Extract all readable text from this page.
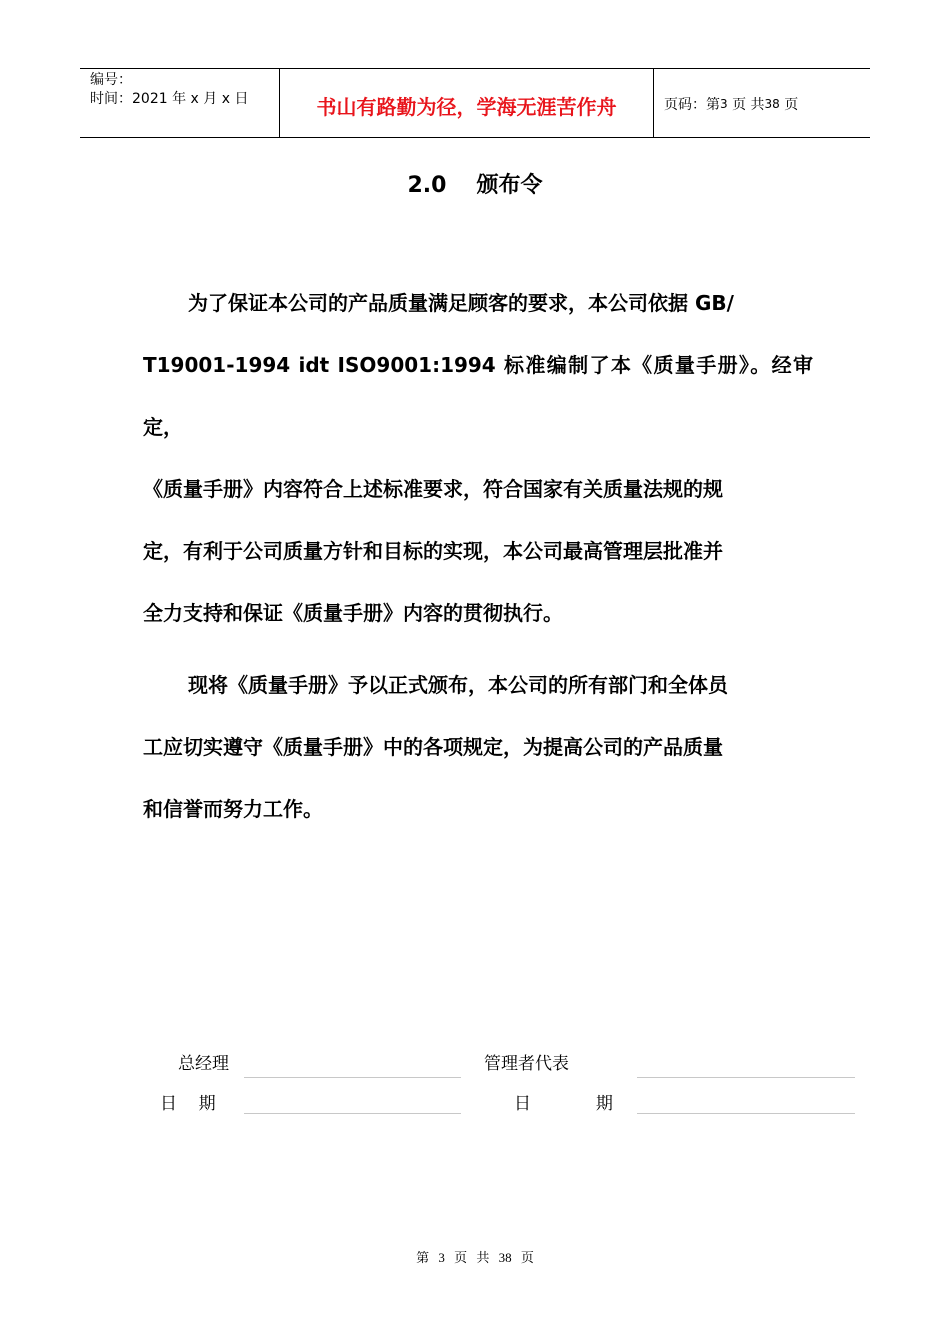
编号：
时间：2021 年 x 月 x 日	书山有路勤为径，学海无涯苦作舟	页码：第 3
页 共 38
页
2.0 颁布令
为了保证本公司的产品质量满足顾客的要求，本公司依据 GB/
T19001-1994 idt ISO9001:1994 标准编制了本《质量手册》。经审定，
《质量手册》内容符合上述标准要求，符合国家有关质量法规的规
定，有利于公司质量方针和目标的实现，本公司最高管理层批准并
全力支持和保证《质量手册》内容的贯彻执行。
现将《质量手册》予以正式颁布，本公司的所有部门和全体员
工应切实遵守《质量手册》中的各项规定，为提高公司的产品质量
和信誉而努力工作。
总经理
日    期
管理者代表
日            期
第 3 页 共 38 页
